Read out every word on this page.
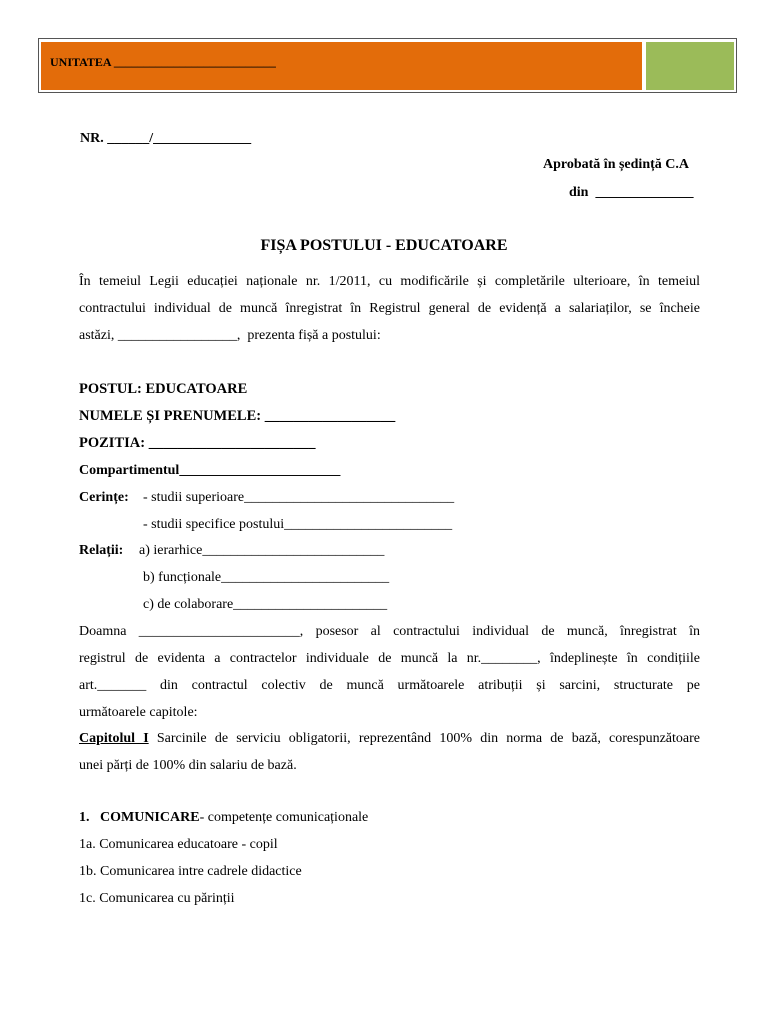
UNITATEA ___________________________
NR. ______/______________
Aprobată în ședință C.A
din  ______________
FIȘA POSTULUI - EDUCATOARE
În temeiul Legii educației naționale nr. 1/2011, cu modificările și completările ulterioare, în temeiul
contractului individual de muncă înregistrat în Registrul general de evidență a salariaților, se încheie
astăzi, _________________,  prezenta fișă a postului:
POSTUL: EDUCATOARE
NUMELE ȘI PRENUMELE: __________________
POZITIA: _______________________
Compartimentul_______________________
Cerințe: - studii superioare______________________________
- studii specifice postului________________________
Relații: a) ierarhice__________________________
b) funcționale________________________
c) de colaborare______________________
Doamna _______________________, posesor al contractului individual de muncă, înregistrat în
registrul de evidenta a contractelor individuale de muncă la nr.________, îndeplinește în condițiile
art._______ din contractul colectiv de muncă următoarele atribuții și sarcini, structurate pe
următoarele capitole:
Capitolul I Sarcinile de serviciu obligatorii, reprezentând 100% din norma de bază, corespunzătoare
unei părți de 100% din salariu de bază.
1. COMUNICARE- competențe comunicaționale
1a. Comunicarea educatoare - copil
1b. Comunicarea intre cadrele didactice
1c. Comunicarea cu părinții
